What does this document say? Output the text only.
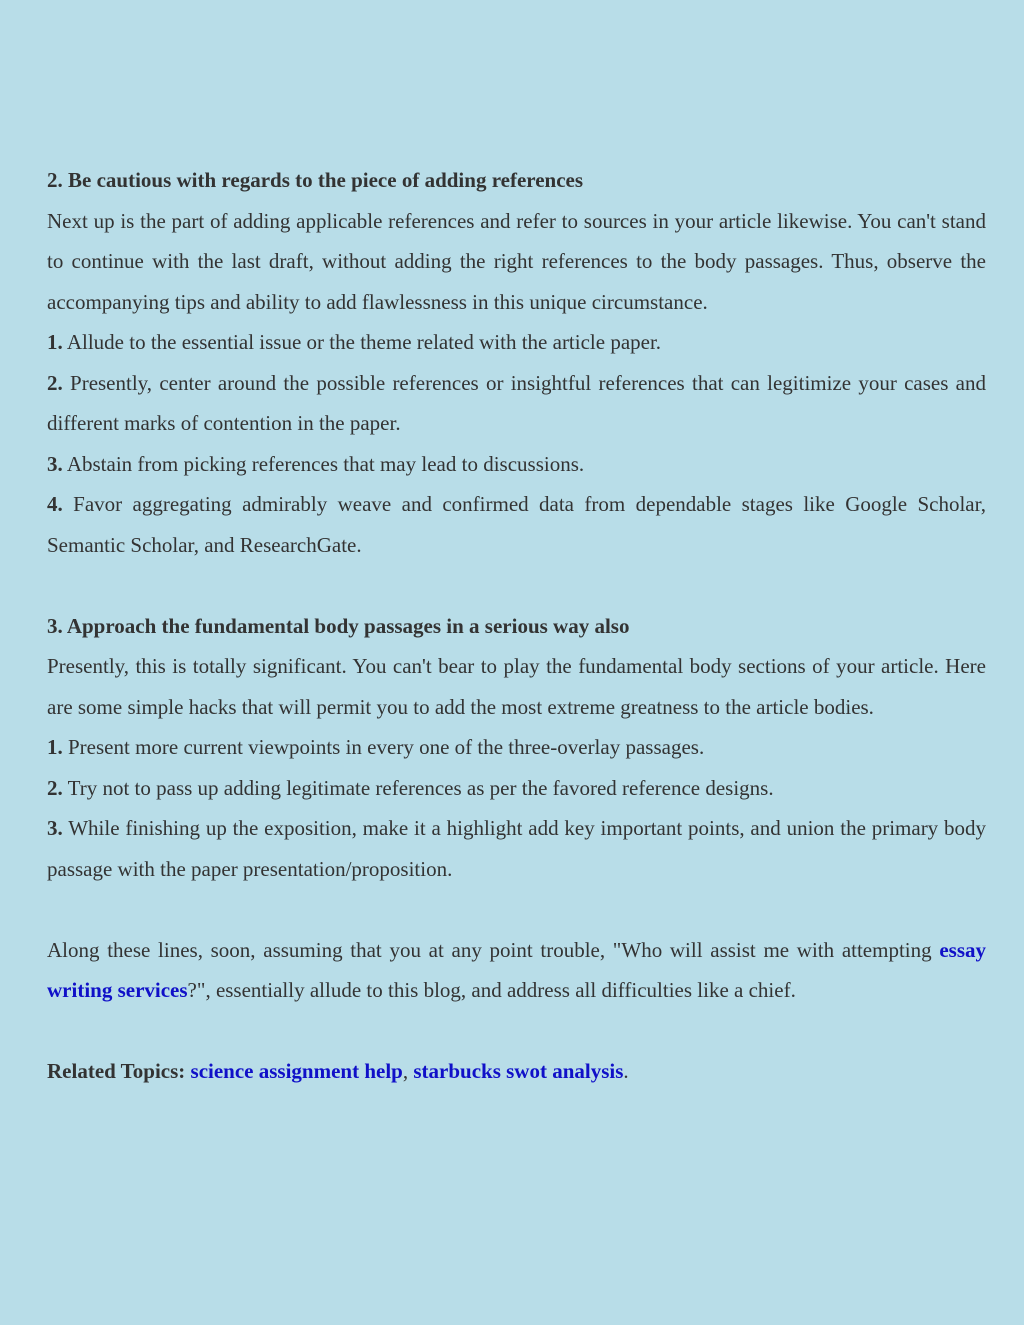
2. Be cautious with regards to the piece of adding references

Next up is the part of adding applicable references and refer to sources in your article likewise. You can't stand to continue with the last draft, without adding the right references to the body passages. Thus, observe the accompanying tips and ability to add flawlessness in this unique circumstance.

1. Allude to the essential issue or the theme related with the article paper.

2. Presently, center around the possible references or insightful references that can legitimize your cases and different marks of contention in the paper.

3. Abstain from picking references that may lead to discussions.

4. Favor aggregating admirably weave and confirmed data from dependable stages like Google Scholar, Semantic Scholar, and ResearchGate.

3. Approach the fundamental body passages in a serious way also

Presently, this is totally significant. You can't bear to play the fundamental body sections of your article. Here are some simple hacks that will permit you to add the most extreme greatness to the article bodies.

1. Present more current viewpoints in every one of the three-overlay passages.

2. Try not to pass up adding legitimate references as per the favored reference designs.

3. While finishing up the exposition, make it a highlight add key important points, and union the primary body passage with the paper presentation/proposition.

Along these lines, soon, assuming that you at any point trouble, "Who will assist me with attempting essay writing services?", essentially allude to this blog, and address all difficulties like a chief.

Related Topics: science assignment help, starbucks swot analysis.
